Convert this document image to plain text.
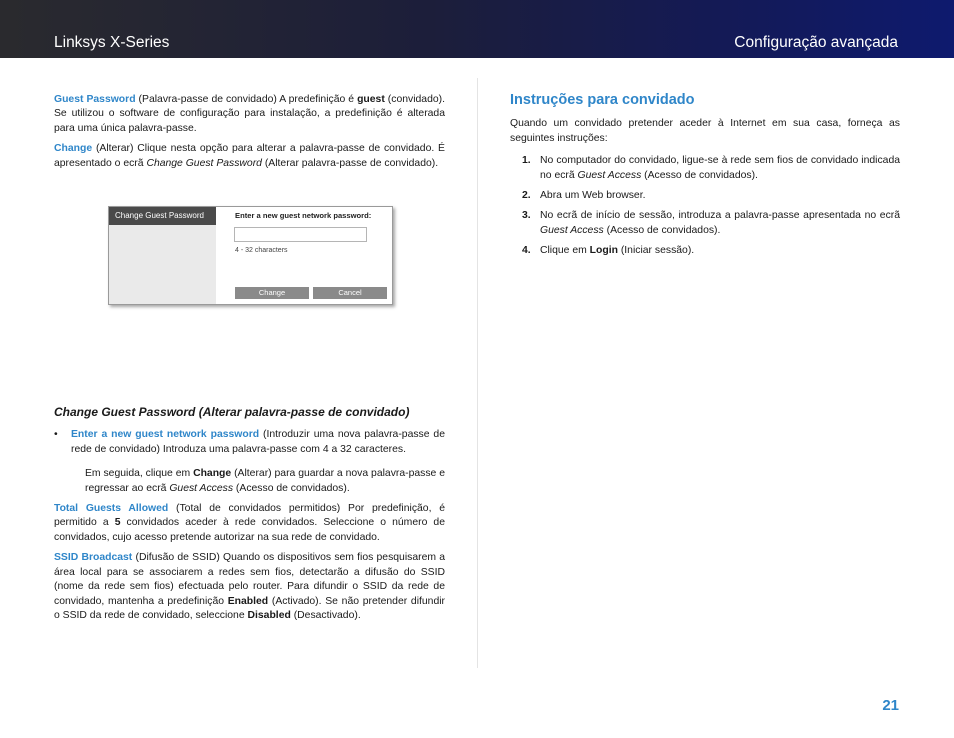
Linksys X-Series	Configuração avançada

Guest Password (Palavra-passe de convidado) A predefinição é guest (convidado). Se utilizou o software de configuração para instalação, a predefinição é alterada para uma única palavra-passe.

Change (Alterar) Clique nesta opção para alterar a palavra-passe de convidado. É apresentado o ecrã Change Guest Password (Alterar palavra-passe de convidado).

Change Guest Password (Alterar palavra-passe de convidado)

•	Enter a new guest network password (Introduzir uma nova palavra-passe de rede de convidado) Introduza uma palavra-passe com 4 a 32 caracteres.

Em seguida, clique em Change (Alterar) para guardar a nova palavra-passe e regressar ao ecrã Guest Access (Acesso de convidados).

Total Guests Allowed (Total de convidados permitidos) Por predefinição, é permitido a 5 convidados aceder à rede convidados. Seleccione o número de convidados, cujo acesso pretende autorizar na sua rede de convidado.

SSID Broadcast (Difusão de SSID) Quando os dispositivos sem fios pesquisarem a área local para se associarem a redes sem fios, detectarão a difusão do SSID (nome da rede sem fios) efectuada pelo router. Para difundir o SSID da rede de convidado, mantenha a predefinição Enabled (Activado). Se não pretender difundir o SSID da rede de convidado, seleccione Disabled (Desactivado).

Change Guest Password	Enter a new guest network password:
4 - 32 characters
Change	Cancel
Instruções para convidado

Quando um convidado pretender aceder à Internet em sua casa, forneça as seguintes instruções:

1. No computador do convidado, ligue-se à rede sem fios de convidado indicada no ecrã Guest Access (Acesso de convidados).
2. Abra um Web browser.
3. No ecrã de início de sessão, introduza a palavra-passe apresentada no ecrã Guest Access (Acesso de convidados).
4. Clique em Login (Iniciar sessão).
21
